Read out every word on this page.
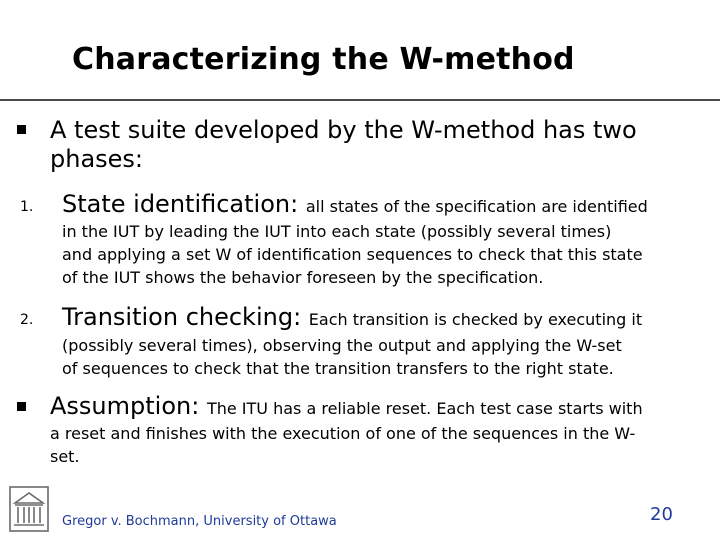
Characterizing the W-method
A test suite developed by the W-method has two
phases:
1. State identification: all states of the specification are identified
in the IUT by leading the IUT into each state (possibly several times)
and applying a set W of identification sequences to check that this state
of the IUT shows the behavior foreseen by the specification.
2. Transition checking: Each transition is checked by executing it
(possibly several times), observing the output and applying the W-set
of sequences to check that the transition transfers to the right state.
Assumption: The ITU has a reliable reset. Each test case starts with
a reset and finishes with the execution of one of the sequences in the W-
set.
Gregor v. Bochmann, University of Ottawa	20
